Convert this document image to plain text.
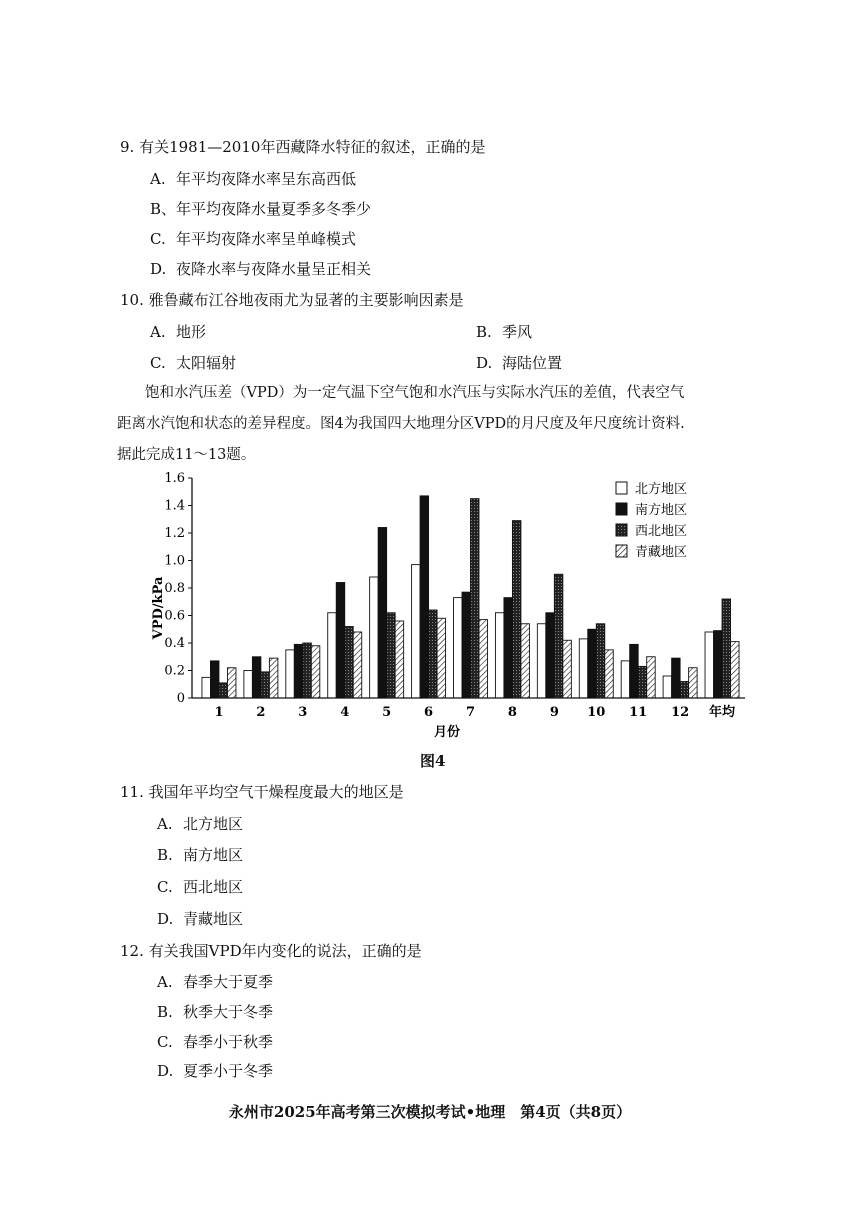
9. 有关1981—2010年西藏降水特征的叙述，正确的是
A. 年平均夜降水率呈东高西低
B、年平均夜降水量夏季多冬季少
C. 年平均夜降水率呈单峰模式
D. 夜降水率与夜降水量呈正相关
10. 雅鲁藏布江谷地夜雨尤为显著的主要影响因素是
A. 地形	B. 季风
C. 太阳辐射	D. 海陆位置
饱和水汽压差（VPD）为一定气温下空气饱和水汽压与实际水汽压的差值，代表空气
距离水汽饱和状态的差异程度。图4为我国四大地理分区VPD的月尺度及年尺度统计资料.
据此完成11～13题。
VPD/kPa
0
0.2
0.4
0.6
0.8
1.0
1.2
1.4
1.6
1	2	3	4	5	6	7	8	9 10 11 12 年均
月份
北方地区
南方地区
西北地区
青藏地区
图4
11. 我国年平均空气干燥程度最大的地区是
A. 北方地区
B. 南方地区
C. 西北地区
D. 青藏地区
12. 有关我国VPD年内变化的说法，正确的是
A. 春季大于夏季
B. 秋季大于冬季
C. 春季小于秋季
D. 夏季小于冬季
永州市2025年高考第三次模拟考试•地理　第4页（共8页）
